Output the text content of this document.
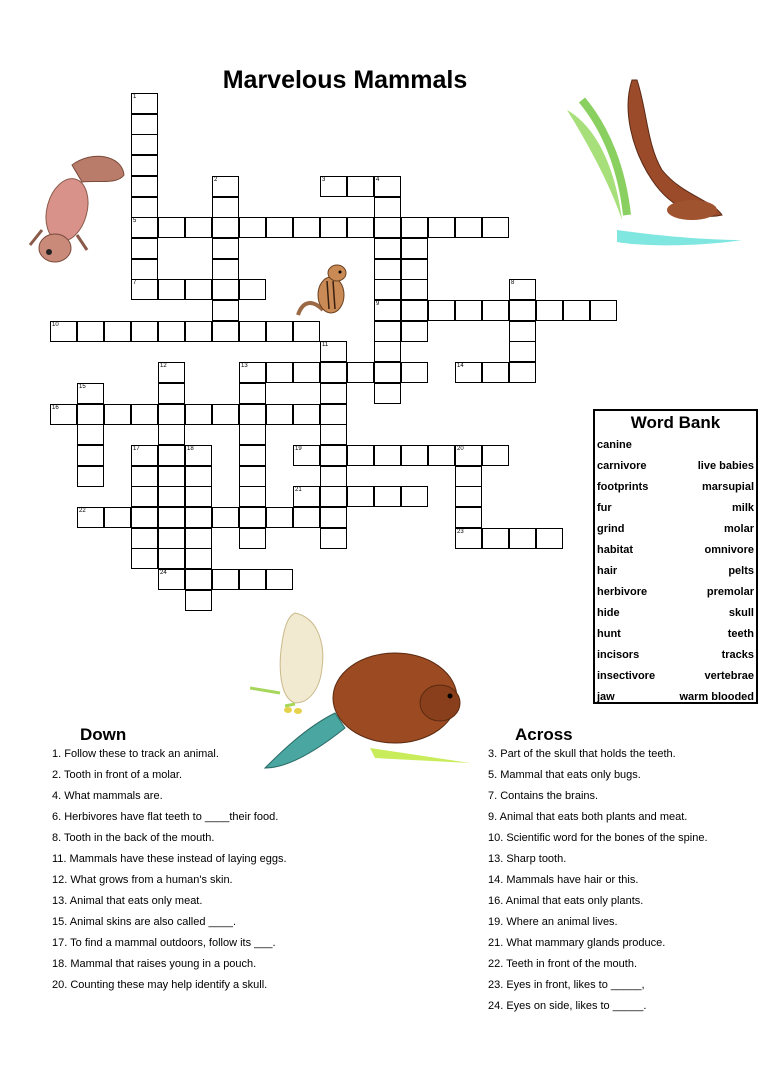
Marvelous Mammals
1
2	3	4
5
7	8
9
10
11
12	13	14
15
16
17	18	19	20
21
22
23
24
Word Bank
canine
carnivore	live babies
footprints	marsupial
fur	milk
grind	molar
habitat	omnivore
hair	pelts
herbivore	premolar
hide	skull
hunt	teeth
incisors	tracks
insectivore	vertebrae
jaw	warm blooded
Down	Across
1. Follow these to track an animal.
2. Tooth in front of a molar.
4. What mammals are.
6. Herbivores have flat teeth to ____their food.
8. Tooth in the back of the mouth.
11. Mammals have these instead of laying eggs.
12. What grows from a human's skin.
13. Animal that eats only meat.
15. Animal skins are also called ____.
17. To find a mammal outdoors, follow its ___.
18. Mammal that raises young in a pouch.
20. Counting these may help identify a skull.
3. Part of the skull that holds the teeth.
5. Mammal that eats only bugs.
7. Contains the brains.
9. Animal that eats both plants and meat.
10. Scientific word for the bones of the spine.
13. Sharp tooth.
14. Mammals have hair or this.
16. Animal that eats only plants.
19. Where an animal lives.
21. What mammary glands produce.
22. Teeth in front of the mouth.
23. Eyes in front, likes to _____,
24. Eyes on side, likes to _____.
